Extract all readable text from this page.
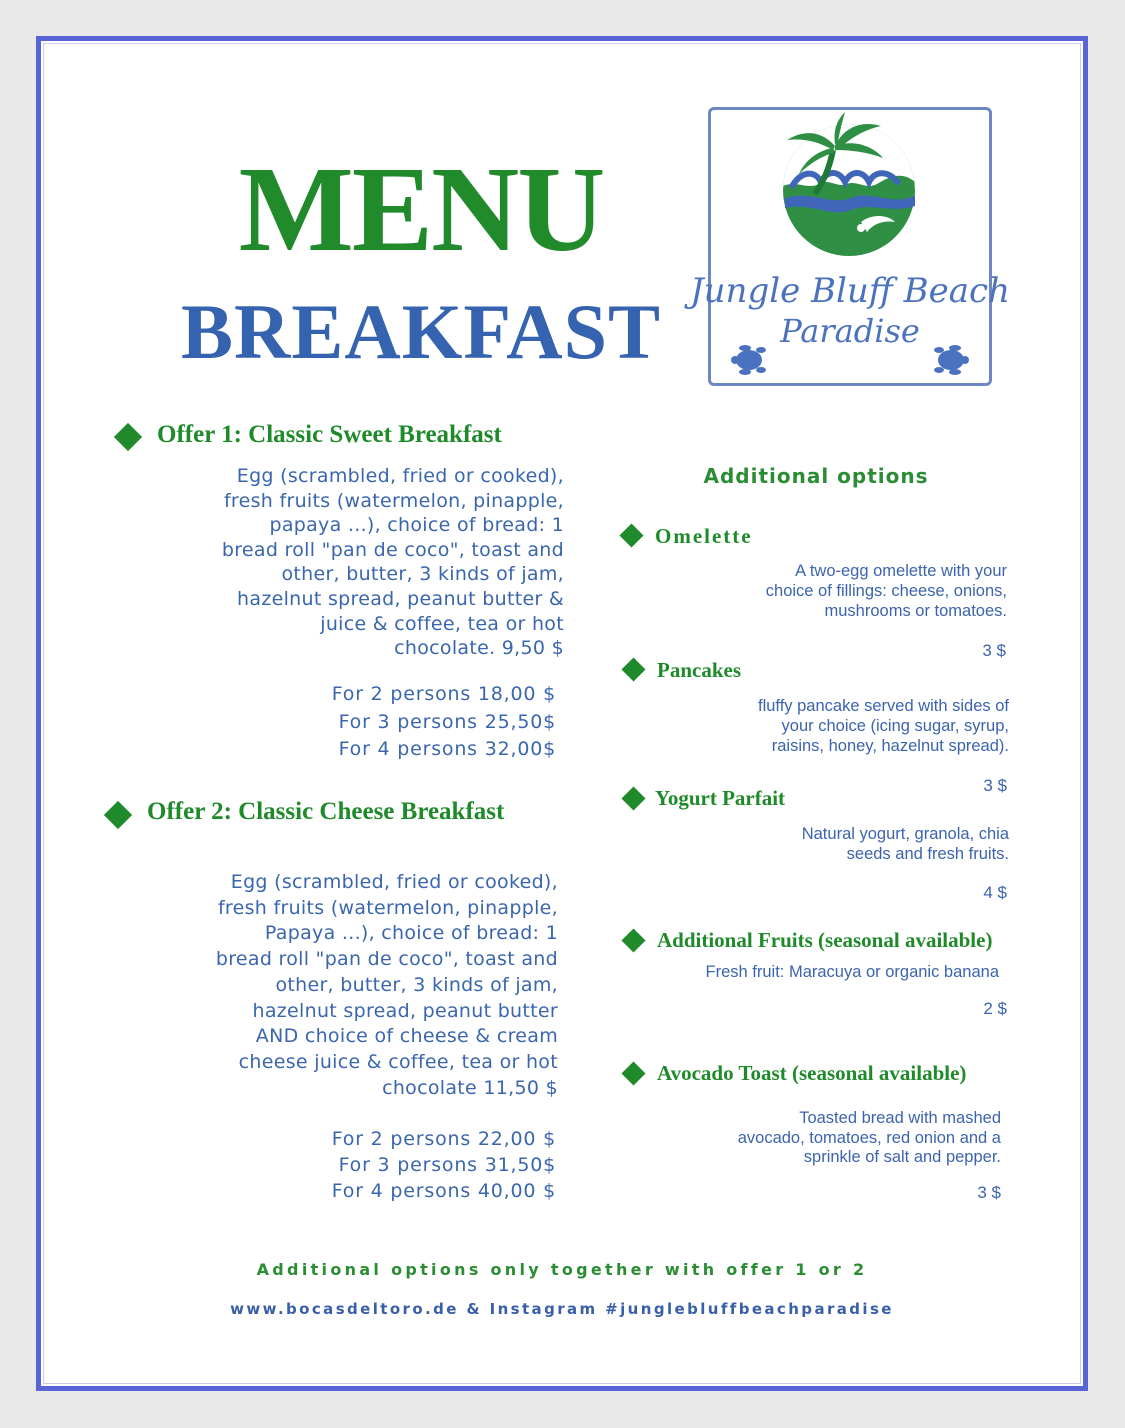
MENU
BREAKFAST Jungle Bluff Beach
Paradise
Offer 1: Classic Sweet Breakfast
Egg (scrambled, fried or cooked),
fresh fruits (watermelon, pinapple,
papaya ...), choice of bread: 1
bread roll "pan de coco", toast and
other, butter, 3 kinds of jam,
hazelnut spread, peanut butter &
juice & coffee, tea or hot
chocolate. 9,50 $
For 2 persons 18,00 $
For 3 persons 25,50$
For 4 persons 32,00$
Offer 2: Classic Cheese Breakfast
Egg (scrambled, fried or cooked),
fresh fruits (watermelon, pinapple,
Papaya ...), choice of bread: 1
bread roll "pan de coco", toast and
other, butter, 3 kinds of jam,
hazelnut spread, peanut butter
AND choice of cheese & cream
cheese juice & coffee, tea or hot
chocolate 11,50 $
For 2 persons 22,00 $
For 3 persons 31,50$
For 4 persons 40,00 $
Additional options
Omelette
A two-egg omelette with your
choice of fillings: cheese, onions,
mushrooms or tomatoes.
3 $
Pancakes
fluffy pancake served with sides of
your choice (icing sugar, syrup,
raisins, honey, hazelnut spread).
3 $
Yogurt Parfait
Natural yogurt, granola, chia
seeds and fresh fruits.
4 $
Additional Fruits (seasonal available)
Fresh fruit: Maracuya or organic banana
2 $
Avocado Toast (seasonal available)
Toasted bread with mashed
avocado, tomatoes, red onion and a
sprinkle of salt and pepper.
3 $
Additional options only together with offer 1 or 2
www.bocasdeltoro.de & Instagram #junglebluffbeachparadise
